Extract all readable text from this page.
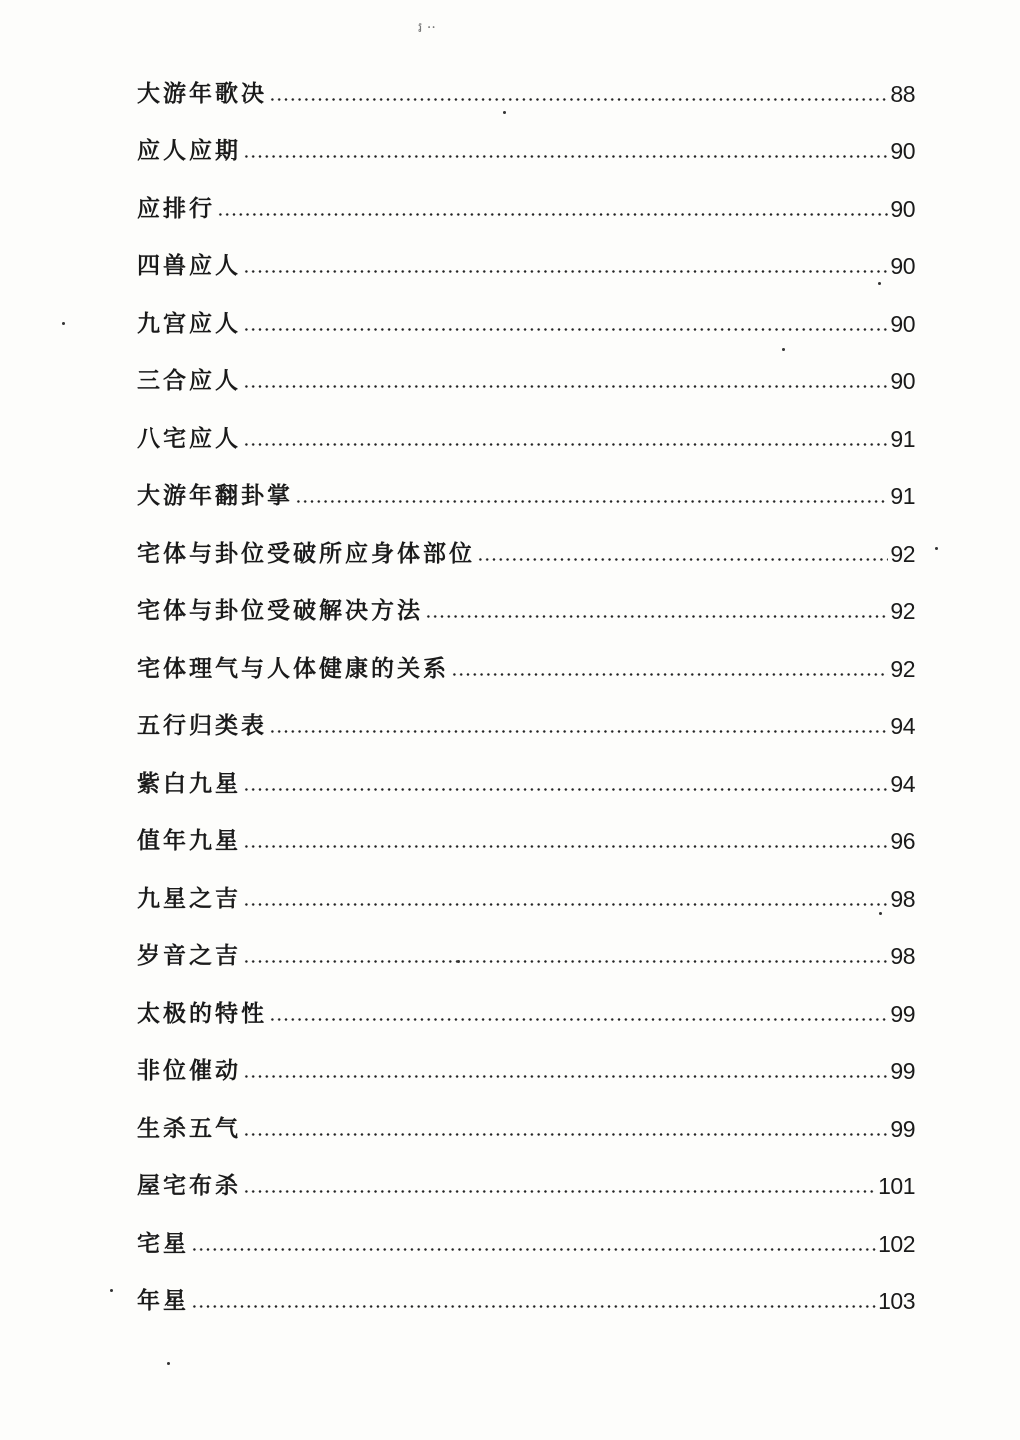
រ ··
大游年歌决	88
应人应期	90
应排行	90
四兽应人	90
九宫应人	90
三合应人	90
八宅应人	91
大游年翻卦掌	91
宅体与卦位受破所应身体部位	92
宅体与卦位受破解决方法	92
宅体理气与人体健康的关系	92
五行归类表	94
紫白九星	94
值年九星	96
九星之吉	98
岁音之吉	98
太极的特性	99
非位催动	99
生杀五气	99
屋宅布杀	101
宅星	102
年星	103
